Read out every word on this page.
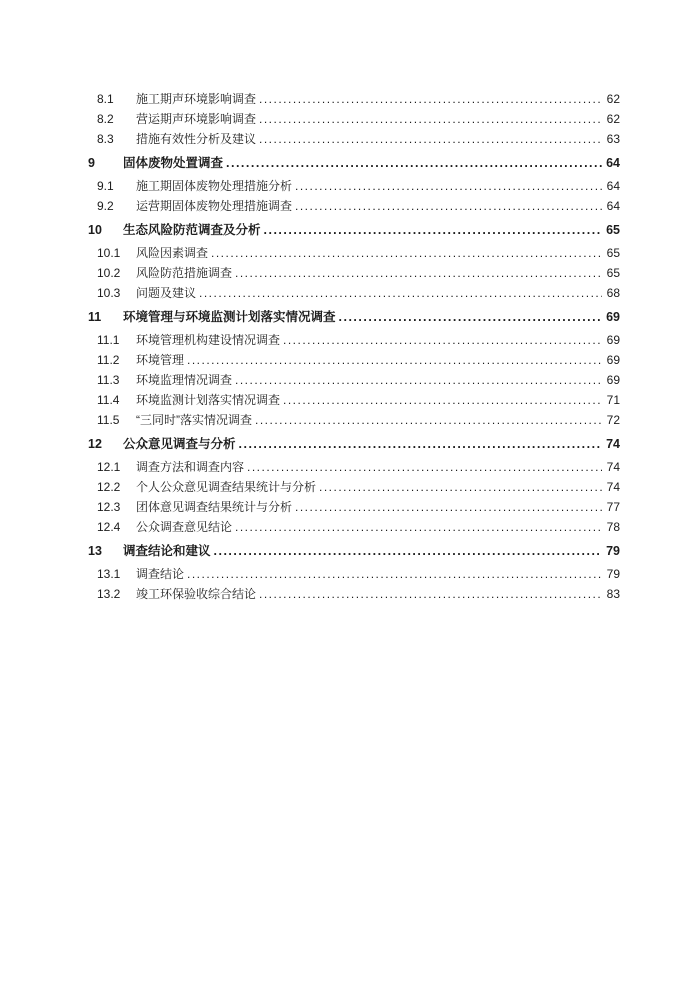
8.1	施工期声环境影响调查 .....	62
8.2	营运期声环境影响调查 .....	62
8.3	措施有效性分析及建议 .....	63
9	固体废物处置调查 .....	64
9.1	施工期固体废物处理措施分析 .....	64
9.2	运营期固体废物处理措施调查 .....	64
10	生态风险防范调查及分析 .....	65
10.1	风险因素调查 .....	65
10.2	风险防范措施调查 .....	65
10.3	问题及建议 .....	68
11	环境管理与环境监测计划落实情况调查 .....	69
11.1	环境管理机构建设情况调查 .....	69
11.2	环境管理 .....	69
11.3	环境监理情况调查 .....	69
11.4	环境监测计划落实情况调查 .....	71
11.5	“三同时”落实情况调查 .....	72
12	公众意见调查与分析 .....	74
12.1	调查方法和调查内容 .....	74
12.2	个人公众意见调查结果统计与分析 .....	74
12.3	团体意见调查结果统计与分析 .....	77
12.4	公众调查意见结论 .....	78
13	调查结论和建议 .....	79
13.1	调查结论 .....	79
13.2	竣工环保验收综合结论 .....	83
